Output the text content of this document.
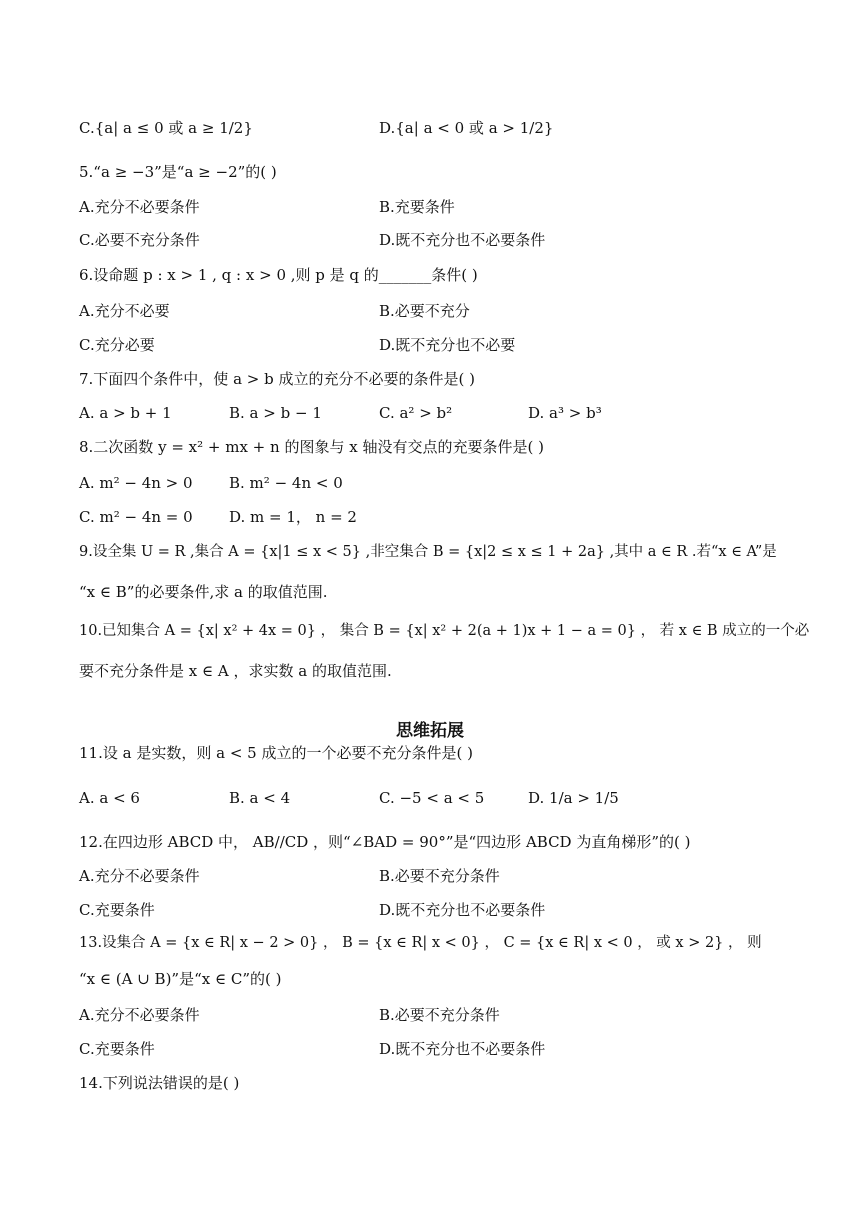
C.{a| a ≤ 0 或 a ≥ 1/2}	D.{a| a < 0 或 a > 1/2}
5.“a ≥ −3”是“a ≥ −2”的( )
A.充分不必要条件	B.充要条件
C.必要不充分条件	D.既不充分也不必要条件
6.设命题 p : x > 1 , q : x > 0 ,则 p 是 q 的_______条件( )
A.充分不必要	B.必要不充分
C.充分必要	D.既不充分也不必要
7.下面四个条件中，使 a > b 成立的充分不必要的条件是( )
A. a > b + 1	B. a > b − 1	C. a² > b²	D. a³ > b³
8.二次函数 y = x² + mx + n 的图象与 x 轴没有交点的充要条件是( )
A. m² − 4n > 0 B. m² − 4n < 0
C. m² − 4n = 0 D. m = 1， n = 2
9.设全集 U = R ,集合 A = {x|1 ≤ x < 5} ,非空集合 B = {x|2 ≤ x ≤ 1 + 2a} ,其中 a ∈ R .若“x ∈ A”是
“x ∈ B”的必要条件,求 a 的取值范围.
10.已知集合 A = {x| x² + 4x = 0} ， 集合 B = {x| x² + 2(a + 1)x + 1 − a = 0} ， 若 x ∈ B 成立的一个必
要不充分条件是 x ∈ A ，求实数 a 的取值范围.
思维拓展
11.设 a 是实数，则 a < 5 成立的一个必要不充分条件是( )
A. a < 6	B. a < 4	C. −5 < a < 5	D. 1/a > 1/5
12.在四边形 ABCD 中， AB//CD ，则“∠BAD = 90°”是“四边形 ABCD 为直角梯形”的( )
A.充分不必要条件	B.必要不充分条件
C.充要条件	D.既不充分也不必要条件
13.设集合 A = {x ∈ R| x − 2 > 0} ， B = {x ∈ R| x < 0} ， C = {x ∈ R| x < 0 ， 或 x > 2} ， 则
“x ∈ (A ∪ B)”是“x ∈ C”的( )
A.充分不必要条件	B.必要不充分条件
C.充要条件	D.既不充分也不必要条件
14.下列说法错误的是( )
